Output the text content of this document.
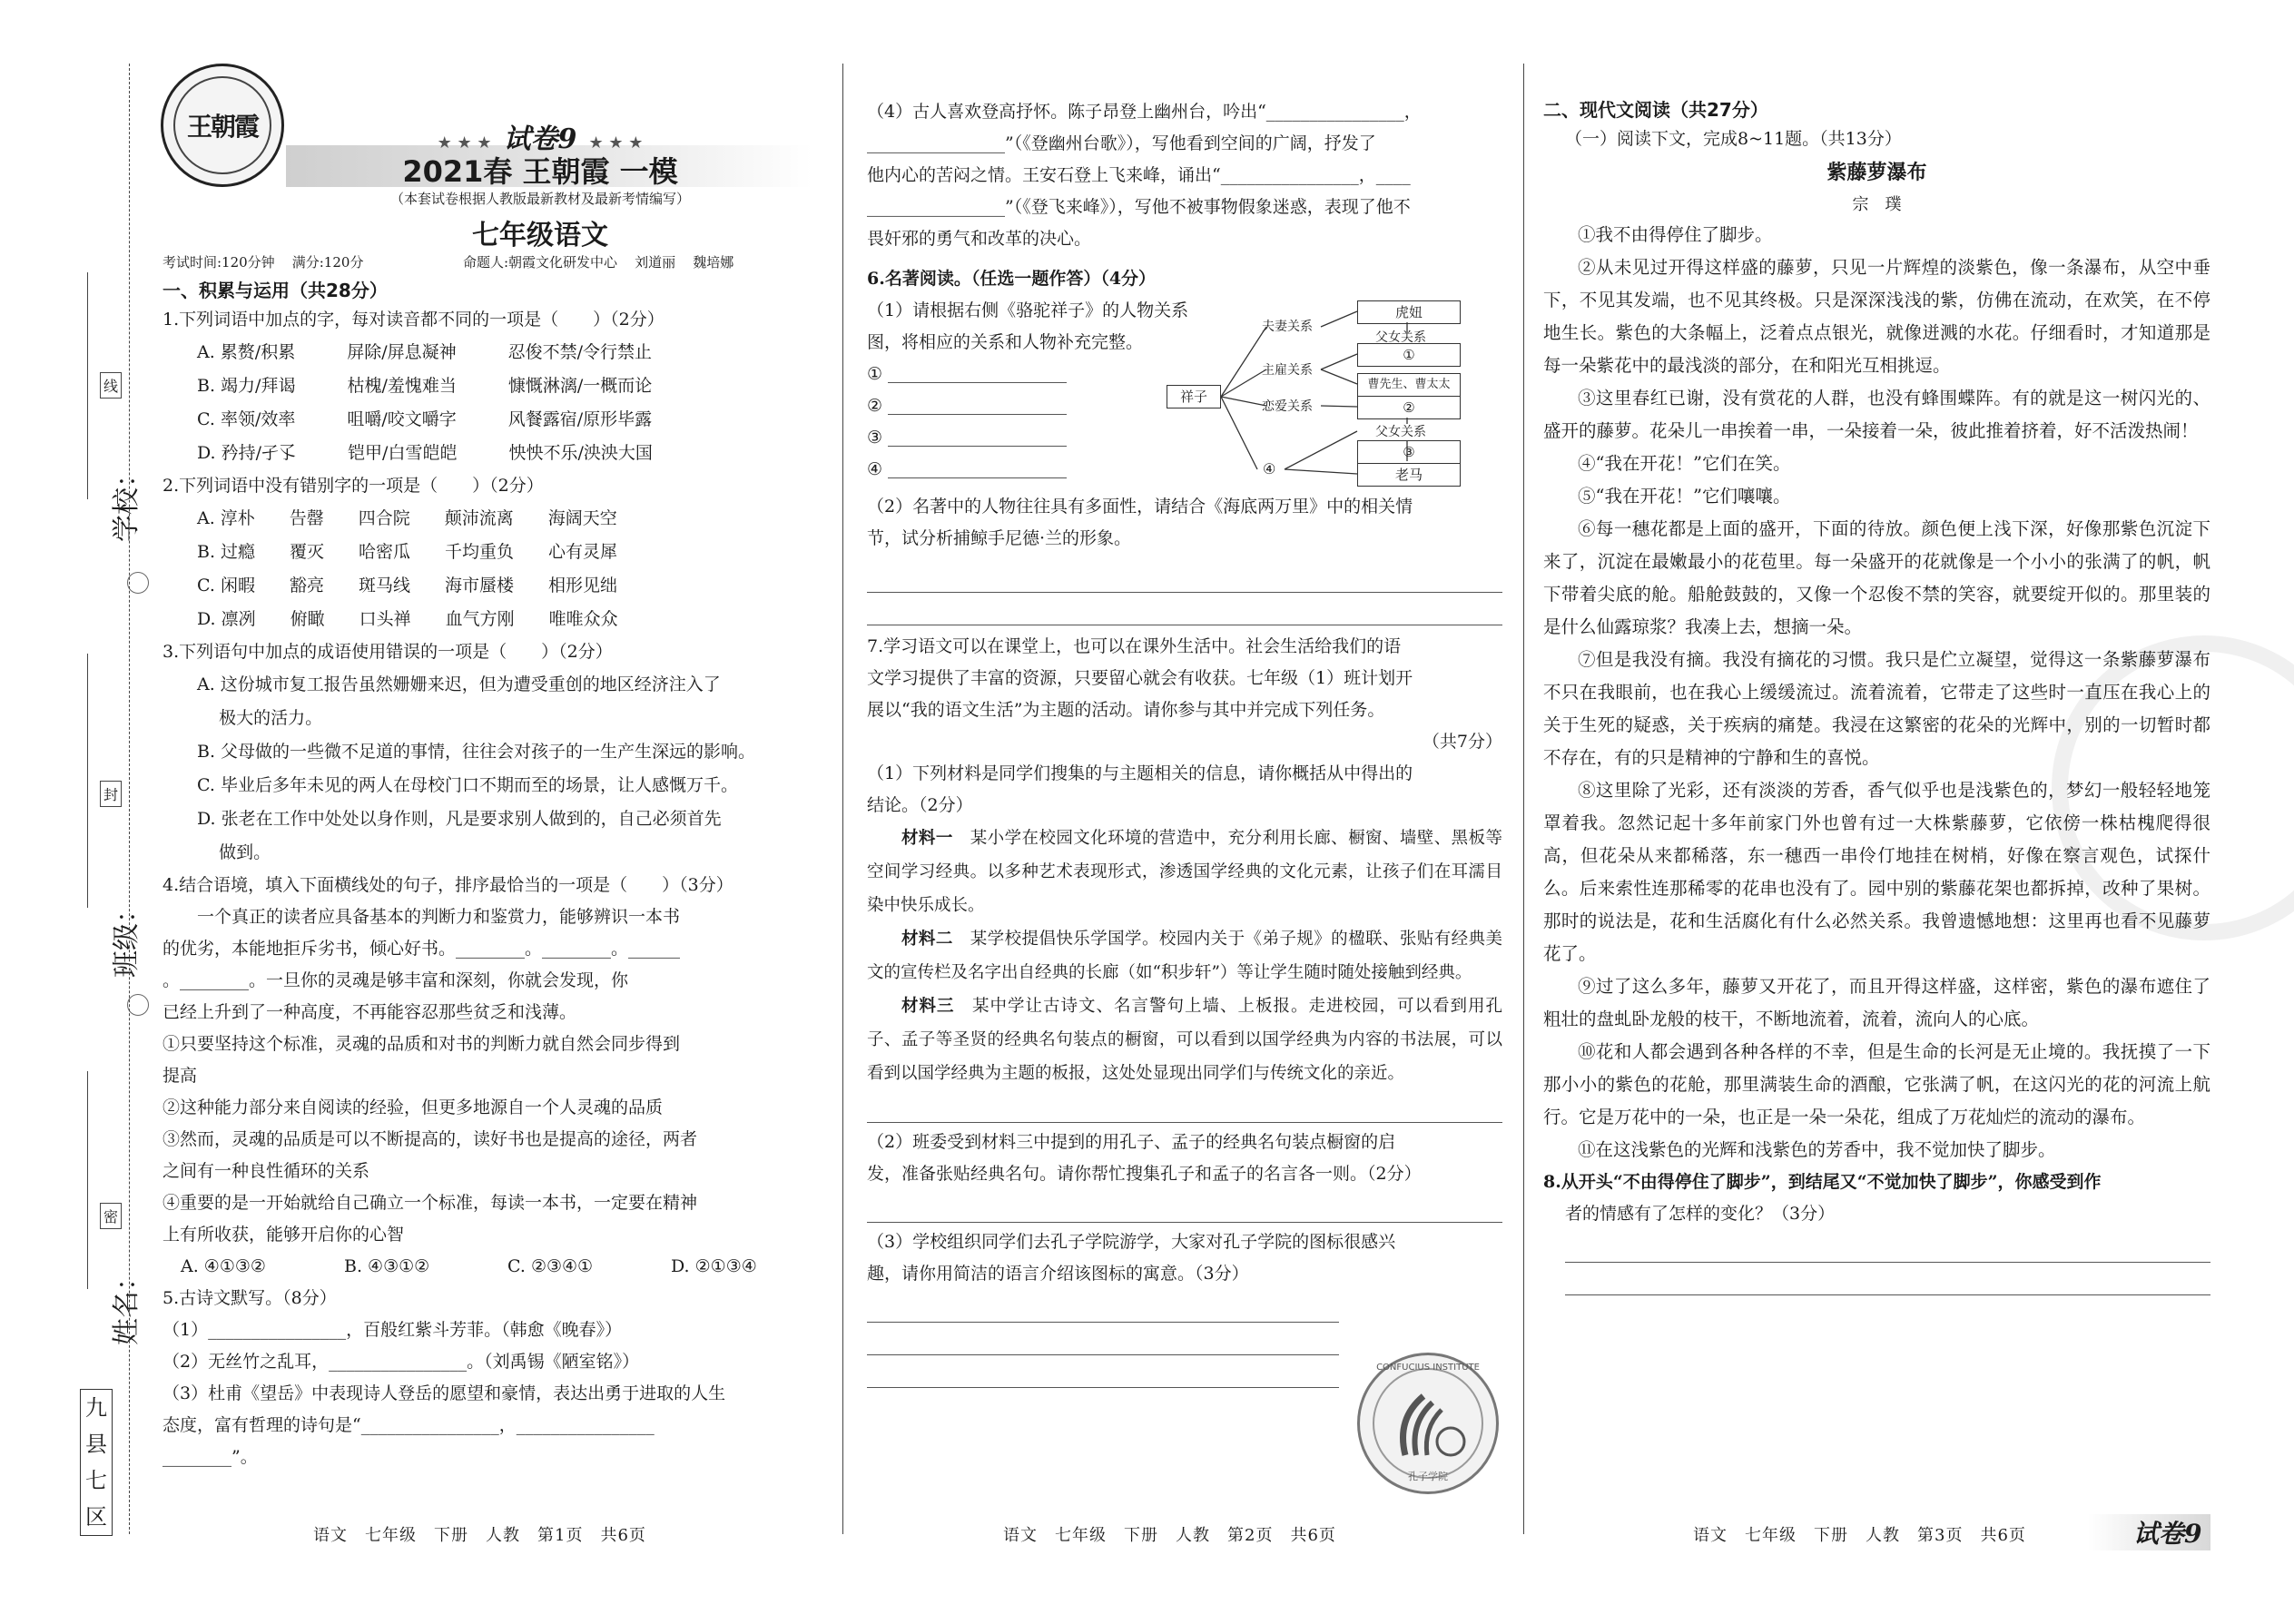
学校：
班级：
姓名：
线
封
密
九
县
七
区
王朝霞
★ ★ ★ 试卷9 ★ ★ ★
2021春 王朝霞 一模
（本套试卷根据人教版最新教材及最新考情编写）
七年级语文
考试时间:120分钟    满分:120分	命题人:朝霞文化研发中心    刘道丽    魏培娜

一、积累与运用（共28分）

1.下列词语中加点的字，每对读音都不同的一项是（　　）（2分）

A. 累赘/积累　　　屏除/屏息凝神　　　忍俊不禁/令行禁止

B. 竭力/拜谒　　　枯槐/羞愧难当　　　慷慨淋漓/一概而论

C. 率领/效率　　　咀嚼/咬文嚼字　　　风餐露宿/原形毕露

D. 矜持/孑孓　　　铠甲/白雪皑皑　　　怏怏不乐/泱泱大国

2.下列词语中没有错别字的一项是（　　）（2分）

A. 淳朴　　告罄　　四合院　　颠沛流离　　海阔天空

B. 过瘾　　覆灭　　哈密瓜　　千均重负　　心有灵犀

C. 闲暇　　豁亮　　斑马线　　海市蜃楼　　相形见绌

D. 凛冽　　俯瞰　　口头禅　　血气方刚　　唯唯众众

3.下列语句中加点的成语使用错误的一项是（　　）（2分）

A. 这份城市复工报告虽然姗姗来迟，但为遭受重创的地区经济注入了

极大的活力。

B. 父母做的一些微不足道的事情，往往会对孩子的一生产生深远的影响。

C. 毕业后多年未见的两人在母校门口不期而至的场景，让人感慨万千。

D. 张老在工作中处处以身作则，凡是要求别人做到的，自己必须首先

做到。

4.结合语境，填入下面横线处的句子，排序最恰当的一项是（　　）（3分）

一个真正的读者应具备基本的判断力和鉴赏力，能够辨识一本书

的优劣，本能地拒斥劣书，倾心好书。________。________。______

。________。一旦你的灵魂是够丰富和深刻，你就会发现，你

已经上升到了一种高度，不再能容忍那些贫乏和浅薄。

①只要坚持这个标准，灵魂的品质和对书的判断力就自然会同步得到

提高

②这种能力部分来自阅读的经验，但更多地源自一个人灵魂的品质

③然而，灵魂的品质是可以不断提高的，读好书也是提高的途径，两者

之间有一种良性循环的关系

④重要的是一开始就给自己确立一个标准，每读一本书，一定要在精神

上有所收获，能够开启你的心智

A. ④①③②	B. ④③①②	C. ②③④①	D. ②①③④

5.古诗文默写。（8分）

（1）________________，百般红紫斗芳菲。（韩愈《晚春》）

（2）无丝竹之乱耳，________________。（刘禹锡《陋室铭》）

（3）杜甫《望岳》中表现诗人登岳的愿望和豪情，表达出勇于进取的人生

态度，富有哲理的诗句是“________________，________________

________”。

语文　七年级　下册　人教　第1页　共6页

（4）古人喜欢登高抒怀。陈子昂登上幽州台，吟出“________________，

________________”（《登幽州台歌》），写他看到空间的广阔，抒发了

他内心的苦闷之情。王安石登上飞来峰，诵出“________________，____

________________”（《登飞来峰》），写他不被事物假象迷惑，表现了他不

畏奸邪的勇气和改革的决心。

6.名著阅读。（任选一题作答）（4分）

（1）请根据右侧《骆驼祥子》的人物关系

图，将相应的关系和人物补充完整。

①

②

③

④

（2）名著中的人物往往具有多面性，请结合《海底两万里》中的相关情

节，试分析捕鲸手尼德·兰的形象。

祥子
夫妻关系
主雇关系
恋爱关系
虎妞
父女关系
①
曹先生、曹太太
②
父女关系
③
④	老马

7.学习语文可以在课堂上，也可以在课外生活中。社会生活给我们的语

文学习提供了丰富的资源，只要留心就会有收获。七年级（1）班计划开

展以“我的语文生活”为主题的活动。请你参与其中并完成下列任务。

（共7分）

（1）下列材料是同学们搜集的与主题相关的信息，请你概括从中得出的

结论。（2分）

材料一　 某小学在校园文化环境的营造中，充分利用长廊、橱窗、墙壁、黑板等空间学习经典。以多种艺术表现形式，渗透国学经典的文化元素，让孩子们在耳濡目染中快乐成长。

材料二　 某学校提倡快乐学国学。校园内关于《弟子规》的楹联、张贴有经典美文的宣传栏及名字出自经典的长廊（如“积步轩”）等让学生随时随处接触到经典。

材料三　 某中学让古诗文、名言警句上墙、上板报。走进校园，可以看到用孔子、孟子等圣贤的经典名句装点的橱窗，可以看到以国学经典为内容的书法展，可以看到以国学经典为主题的板报，这处处显现出同学们与传统文化的亲近。

（2）班委受到材料三中提到的用孔子、孟子的经典名句装点橱窗的启

发，准备张贴经典名句。请你帮忙搜集孔子和孟子的名言各一则。（2分）

（3）学校组织同学们去孔子学院游学，大家对孔子学院的图标很感兴

趣，请你用简洁的语言介绍该图标的寓意。（3分）

CONFUCIUS INSTITUTE
孔子学院
语文　七年级　下册　人教　第2页　共6页

二、现代文阅读（共27分）

（一）阅读下文，完成8~11题。（共13分）

紫藤萝瀑布

宗　璞

①我不由得停住了脚步。

②从未见过开得这样盛的藤萝，只见一片辉煌的淡紫色，像一条瀑布，从空中垂下，不见其发端，也不见其终极。只是深深浅浅的紫，仿佛在流动，在欢笑，在不停地生长。紫色的大条幅上，泛着点点银光，就像迸溅的水花。仔细看时，才知道那是每一朵紫花中的最浅淡的部分，在和阳光互相挑逗。

③这里春红已谢，没有赏花的人群，也没有蜂围蝶阵。有的就是这一树闪光的、盛开的藤萝。花朵儿一串挨着一串，一朵接着一朵，彼此推着挤着，好不活泼热闹！

④“我在开花！”它们在笑。

⑤“我在开花！”它们嚷嚷。

⑥每一穗花都是上面的盛开，下面的待放。颜色便上浅下深，好像那紫色沉淀下来了，沉淀在最嫩最小的花苞里。每一朵盛开的花就像是一个小小的张满了的帆，帆下带着尖底的舱。船舱鼓鼓的，又像一个忍俊不禁的笑容，就要绽开似的。那里装的是什么仙露琼浆？我凑上去，想摘一朵。

⑦但是我没有摘。我没有摘花的习惯。我只是伫立凝望，觉得这一条紫藤萝瀑布不只在我眼前，也在我心上缓缓流过。流着流着，它带走了这些时一直压在我心上的关于生死的疑惑，关于疾病的痛楚。我浸在这繁密的花朵的光辉中，别的一切暂时都不存在，有的只是精神的宁静和生的喜悦。

⑧这里除了光彩，还有淡淡的芳香，香气似乎也是浅紫色的，梦幻一般轻轻地笼罩着我。忽然记起十多年前家门外也曾有过一大株紫藤萝，它依傍一株枯槐爬得很高，但花朵从来都稀落，东一穗西一串伶仃地挂在树梢，好像在察言观色，试探什么。后来索性连那稀零的花串也没有了。园中别的紫藤花架也都拆掉，改种了果树。那时的说法是，花和生活腐化有什么必然关系。我曾遗憾地想：这里再也看不见藤萝花了。

⑨过了这么多年，藤萝又开花了，而且开得这样盛，这样密，紫色的瀑布遮住了粗壮的盘虬卧龙般的枝干，不断地流着，流着，流向人的心底。

⑩花和人都会遇到各种各样的不幸，但是生命的长河是无止境的。我抚摸了一下那小小的紫色的花舱，那里满装生命的酒酿，它张满了帆，在这闪光的花的河流上航行。它是万花中的一朵，也正是一朵一朵花，组成了万花灿烂的流动的瀑布。

⑪在这浅紫色的光辉和浅紫色的芳香中，我不觉加快了脚步。

8.从开头“不由得停住了脚步”，到结尾又“不觉加快了脚步”，你感受到作

者的情感有了怎样的变化？（3分）

语文　七年级　下册　人教　第3页　共6页	试卷9
